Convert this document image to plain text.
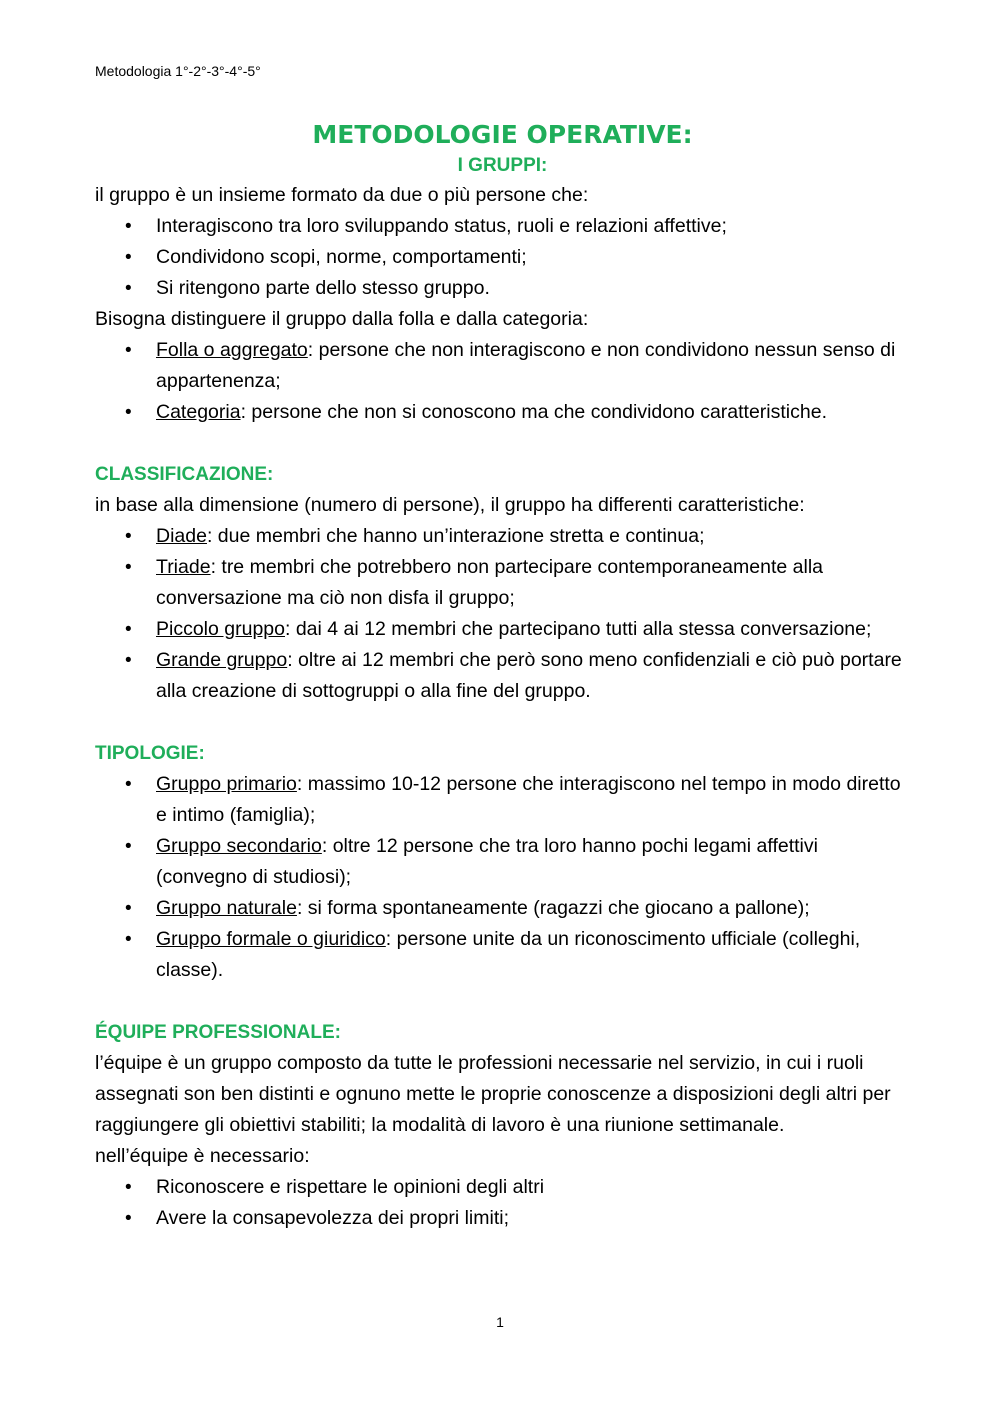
Metodologia 1°-2°-3°-4°-5°
METODOLOGIE OPERATIVE:
I GRUPPI:

il gruppo è un insieme formato da due o più persone che:

• Interagiscono tra loro sviluppando status, ruoli e relazioni affettive;
• Condividono scopi, norme, comportamenti;
• Si ritengono parte dello stesso gruppo.

Bisogna distinguere il gruppo dalla folla e dalla categoria:

• Folla o aggregato: persone che non interagiscono e non condividono nessun senso di appartenenza;
• Categoria: persone che non si conoscono ma che condividono caratteristiche.
CLASSIFICAZIONE:

in base alla dimensione (numero di persone), il gruppo ha differenti caratteristiche:

• Diade: due membri che hanno un’interazione stretta e continua;
• Triade: tre membri che potrebbero non partecipare contemporaneamente alla conversazione ma ciò non disfa il gruppo;
• Piccolo gruppo: dai 4 ai 12 membri che partecipano tutti alla stessa conversazione;
• Grande gruppo: oltre ai 12 membri che però sono meno confidenziali e ciò può portare alla creazione di sottogruppi o alla fine del gruppo.
TIPOLOGIE:
• Gruppo primario: massimo 10-12 persone che interagiscono nel tempo in modo diretto e intimo (famiglia);
• Gruppo secondario: oltre 12 persone che tra loro hanno pochi legami affettivi (convegno di studiosi);
• Gruppo naturale: si forma spontaneamente (ragazzi che giocano a pallone);
• Gruppo formale o giuridico: persone unite da un riconoscimento ufficiale (colleghi, classe).
ÉQUIPE PROFESSIONALE:

l’équipe è un gruppo composto da tutte le professioni necessarie nel servizio, in cui i ruoli assegnati son ben distinti e ognuno mette le proprie conoscenze a disposizioni degli altri per raggiungere gli obiettivi stabiliti; la modalità di lavoro è una riunione settimanale.

nell’équipe è necessario:

• Riconoscere e rispettare le opinioni degli altri
• Avere la consapevolezza dei propri limiti;
1
